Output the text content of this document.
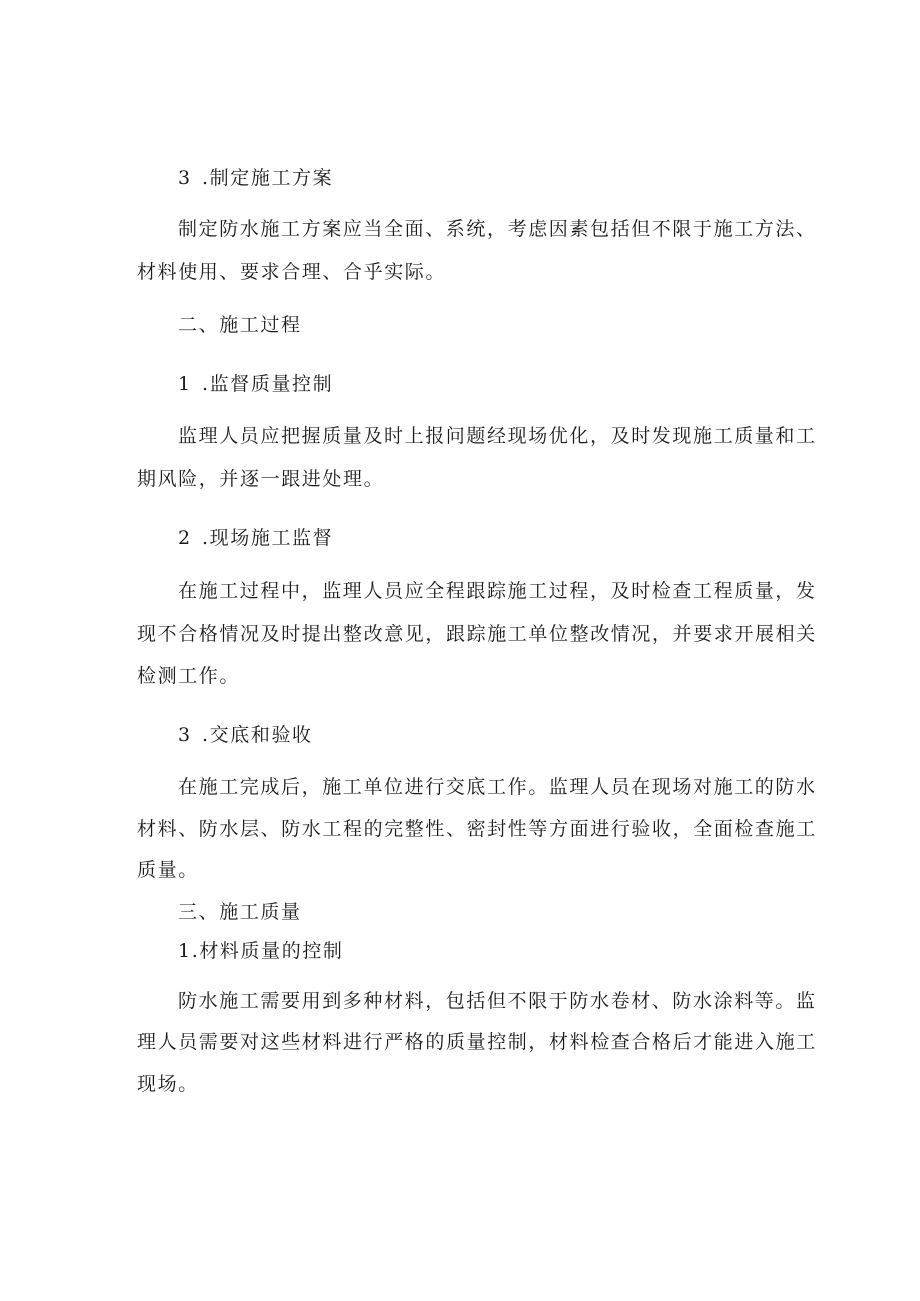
3 .制定施工方案
制定防水施工方案应当全面、系统，考虑因素包括但不限于施工方法、
材料使用、要求合理、合乎实际。
二、施工过程
1 .监督质量控制
监理人员应把握质量及时上报问题经现场优化，及时发现施工质量和工
期风险，并逐一跟进处理。
2 .现场施工监督
在施工过程中，监理人员应全程跟踪施工过程，及时检查工程质量，发
现不合格情况及时提出整改意见，跟踪施工单位整改情况，并要求开展相关
检测工作。
3 .交底和验收
在施工完成后，施工单位进行交底工作。监理人员在现场对施工的防水
材料、防水层、防水工程的完整性、密封性等方面进行验收，全面检查施工
质量。
三、施工质量
1.材料质量的控制
防水施工需要用到多种材料，包括但不限于防水卷材、防水涂料等。监
理人员需要对这些材料进行严格的质量控制，材料检查合格后才能进入施工
现场。
